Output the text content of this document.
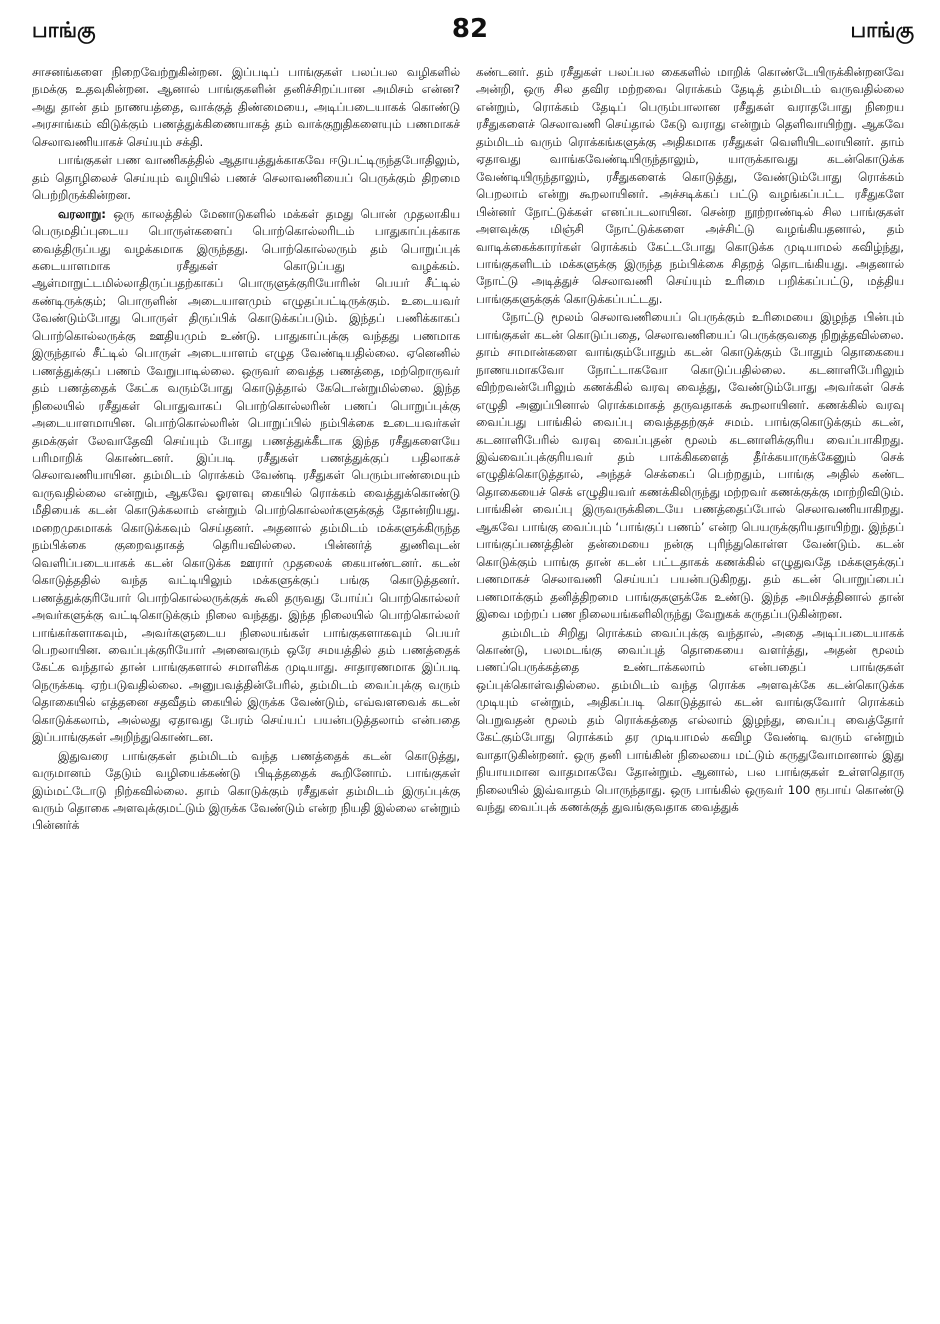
பாங்கு	82	பாங்கு

சாசனங்களை நிறைவேற்றுகின்றன. இப்படிப் பாங்குகள் பலப்பல வழிகளில் நமக்கு உதவுகின்றன. ஆனால் பாங்குகளின் தனிச்சிறப்பான அமிசம் என்ன? அது தான் தம் நாணயத்தை, வாக்குத் திண்மையை, அடிப்படையாகக் கொண்டு அரசாங்கம் விடுக்கும் பணத்துக்கிணையாகத் தம் வாக்குறுதிகளையும் பணமாகச் செலாவணியாகச் செய்யும் சக்தி.

பாங்குகள் பண வாணிகத்தில் ஆதாயத்துக்காகவே ஈடுபட்டிருந்தபோதிலும், தம் தொழிலைச் செய்யும் வழியில் பணச் செலாவணியைப் பெருக்கும் திறமை பெற்றிருக்கின்றன.

வரலாறு: ஒரு காலத்தில் மேனாடுகளில் மக்கள் தமது பொன் முதலாகிய பெருமதிப்புடைய பொருள்களைப் பொற்கொல்லரிடம் பாதுகாப்புக்காக வைத்திருப்பது வழக்கமாக இருந்தது. பொற்கொல்லரும் தம் பொறுப்புக் கடையாளமாக ரசீதுகள் கொடுப்பது வழக்கம். ஆள்மாறுட்டமில்லாதிருப்பதற்காகப் பொருளுக்குரியோரின் பெயர் சீட்டில் கண்டிருக்கும்; பொருளின் அடையாளமும் எழுதப்பட்டிருக்கும். உடையவர் வேண்டும்போது பொருள் திருப்பிக் கொடுக்கப்படும். இந்தப் பணிக்காகப் பொற்கொல்லருக்கு ஊதியமும் உண்டு. பாதுகாப்புக்கு வந்தது பணமாக இருந்தால் சீட்டில் பொருள் அடையாளம் எழுத வேண்டியதில்லை. ஏனெனில் பணத்துக்குப் பணம் வேறுபாடில்லை. ஒருவர் வைத்த பணத்தை, மற்றொருவர் தம் பணத்தைக் கேட்க வரும்போது கொடுத்தால் கேடொன்றுமில்லை. இந்த நிலையில் ரசீதுகள் பொதுவாகப் பொற்கொல்லரின் பணப் பொறுப்புக்கு அடையாளமாயின. பொற்கொல்லரின் பொறுப்பில் நம்பிக்கை உடையவர்கள் தமக்குள் லேவாதேவி செய்யும் போது பணத்துக்கீடாக இந்த ரசீதுகளையே பரிமாறிக் கொண்டனர். இப்படி ரசீதுகள் பணத்துக்குப் பதிலாகச் செலாவணியாயின. தம்மிடம் ரொக்கம் வேண்டி ரசீதுகள் பெரும்பாண்மையும் வருவதில்லை என்றும், ஆகவே ஓரளவு கையில் ரொக்கம் வைத்துக்கொண்டு மீதியைக் கடன் கொடுக்கலாம் என்றும் பொற்கொல்லர்களுக்குத் தோன்றியது. மறைமுகமாகக் கொடுக்கவும் செய்தனர். அதனால் தம்மிடம் மக்களுக்கிருந்த நம்பிக்கை குறைவதாகத் தெரியவில்லை. பின்னர்த் துணிவுடன் வெளிப்படையாகக் கடன் கொடுக்க ஊரார் முதலைக் கையாண்டனர். கடன் கொடுத்ததில் வந்த வட்டியிலும் மக்களுக்குப் பங்கு கொடுத்தனர். பணத்துக்குரியோர் பொற்கொல்லருக்குக் கூலி தருவது போய்ப் பொற்கொல்லர் அவர்களுக்கு வட்டிகொடுக்கும் நிலை வந்தது. இந்த நிலையில் பொற்கொல்லர் பாங்கர்களாகவும், அவர்களுடைய நிலையங்கள் பாங்குகளாகவும் பெயர் பெறலாயின. வைப்புக்குரியோர் அனைவரும் ஒரே சமயத்தில் தம் பணத்தைக் கேட்க வந்தால் தான் பாங்குகளால் சமாளிக்க முடியாது. சாதாரணமாக இப்படி நெருக்கடி ஏற்படுவதில்லை. அனுபவத்தின்பேரில், தம்மிடம் வைப்புக்கு வரும் தொகையில் எத்தனை சதவீதம் கையில் இருக்க வேண்டும், எவ்வளவைக் கடன் கொடுக்கலாம், அல்லது ஏதாவது பேரம் செய்யப் பயன்படுத்தலாம் என்பதை இப்பாங்குகள் அறிந்துகொண்டன.

இதுவரை பாங்குகள் தம்மிடம் வந்த பணத்தைக் கடன் கொடுத்து, வருமானம் தேடும் வழியைக்கண்டு பிடித்ததைக் கூறினோம். பாங்குகள் இம்மட்டோடு நிற்கவில்லை. தாம் கொடுக்கும் ரசீதுகள் தம்மிடம் இருப்புக்கு வரும் தொகை அளவுக்குமட்டும் இருக்க வேண்டும் என்ற நியதி இல்லை என்றும் பின்னர்க்

கண்டனர். தம் ரசீதுகள் பலப்பல கைகளில் மாறிக் கொண்டேயிருக்கின்றனவே அன்றி, ஒரு சில தவிர மற்றவை ரொக்கம் தேடித் தம்மிடம் வருவதில்லை என்றும், ரொக்கம் தேடிப் பெரும்பாலான ரசீதுகள் வராதபோது நிறைய ரசீதுகளைச் செலாவணி செய்தால் கேடு வராது என்றும் தெளிவாயிற்று. ஆகவே தம்மிடம் வரும் ரொக்கங்களுக்கு அதிகமாக ரசீதுகள் வெளியிடலாயினர். தாம் ஏதாவது வாங்கவேண்டியிருந்தாலும், யாருக்காவது கடன்கொடுக்க வேண்டியிருந்தாலும், ரசீதுகளைக் கொடுத்து, வேண்டும்போது ரொக்கம் பெறலாம் என்று கூறலாயினர். அச்சடிக்கப் பட்டு வழங்கப்பட்ட ரசீதுகளே பின்னர் நோட்டுக்கள் எனப்படலாயின. சென்ற நூற்றாண்டில் சில பாங்குகள் அளவுக்கு மிஞ்சி நோட்டுக்களை அச்சிட்டு வழங்கியதனால், தம் வாடிக்கைக்காரர்கள் ரொக்கம் கேட்டபோது கொடுக்க முடியாமல் கவிழ்ந்து, பாங்குகளிடம் மக்களுக்கு இருந்த நம்பிக்கை சிதறத் தொடங்கியது. அதனால் நோட்டு அடித்துச் செலாவணி செய்யும் உரிமை பறிக்கப்பட்டு, மத்திய பாங்குகளுக்குக் கொடுக்கப்பட்டது.

நோட்டு மூலம் செலாவணியைப் பெருக்கும் உரிமையை இழந்த பின்பும் பாங்குகள் கடன் கொடுப்பதை, செலாவணியைப் பெருக்குவதை நிறுத்தவில்லை. தாம் சாமான்களை வாங்கும்போதும் கடன் கொடுக்கும் போதும் தொகையை நாணயமாகவோ நோட்டாகவோ கொடுப்பதில்லை. கடனாளிபேரிலும் விற்றவன்பேரிலும் கணக்கில் வரவு வைத்து, வேண்டும்போது அவர்கள் செக் எழுதி அனுப்பினால் ரொக்கமாகத் தருவதாகக் கூறலாயினர். கணக்கில் வரவு வைப்பது பாங்கில் வைப்பு வைத்ததற்குச் சமம். பாங்குகொடுக்கும் கடன், கடனாளிபேரில் வரவு வைப்புதன் மூலம் கடனாளிக்குரிய வைப்பாகிறது. இவ்வைப்புக்குரியவர் தம் பாக்கிகளைத் தீர்க்கயாருக்கேனும் செக் எழுதிக்கொடுத்தால், அந்தச் செக்கைப் பெற்றதும், பாங்கு அதில் கண்ட தொகையைச் செக் எழுதியவர் கணக்கிலிருந்து மற்றவர் கணக்குக்கு மாற்றிவிடும். பாங்கின் வைப்பு இருவருக்கிடையே பணத்தைப்போல் செலாவணியாகிறது. ஆகவே பாங்கு வைப்பும் ‘பாங்குப் பணம்’ என்ற பெயருக்குரியதாயிற்று. இந்தப் பாங்குப்பணத்தின் தன்மையை நன்கு புரிந்துகொள்ள வேண்டும். கடன் கொடுக்கும் பாங்கு தான் கடன் பட்டதாகக் கணக்கில் எழுதுவதே மக்களுக்குப் பணமாகச் செலாவணி செய்யப் பயன்படுகிறது. தம் கடன் பொறுப்பைப் பணமாக்கும் தனித்திறமை பாங்குகளுக்கே உண்டு. இந்த அமிசத்தினால் தான் இவை மற்றப் பண நிலையங்களிலிருந்து வேறுகக் கருதப்படுகின்றன.

தம்மிடம் சிறிது ரொக்கம் வைப்புக்கு வந்தால், அதை அடிப்படையாகக் கொண்டு, பலமடங்கு வைப்புத் தொகையை வளர்த்து, அதன் மூலம் பணப்பெருக்கத்தை உண்டாக்கலாம் என்பதைப் பாங்குகள் ஒப்புக்கொள்வதில்லை. தம்மிடம் வந்த ரொக்க அளவுக்கே கடன்கொடுக்க முடியும் என்றும், அதிகப்படி கொடுத்தால் கடன் வாங்குவோர் ரொக்கம் பெறுவதன் மூலம் தம் ரொக்கத்தை எல்லாம் இழந்து, வைப்பு வைத்தோர் கேட்கும்போது ரொக்கம் தர முடியாமல் கவிழ வேண்டி வரும் என்றும் வாதாடுகின்றனர். ஒரு தனி பாங்கின் நிலையை மட்டும் கருதுவோமானால் இது நியாயமான வாதமாகவே தோன்றும். ஆனால், பல பாங்குகள் உள்ளதொரு நிலையில் இவ்வாதம் பொருந்தாது. ஒரு பாங்கில் ஒருவர் 100 ரூபாய் கொண்டு வந்து வைப்புக் கணக்குத் துவங்குவதாக வைத்துக்
